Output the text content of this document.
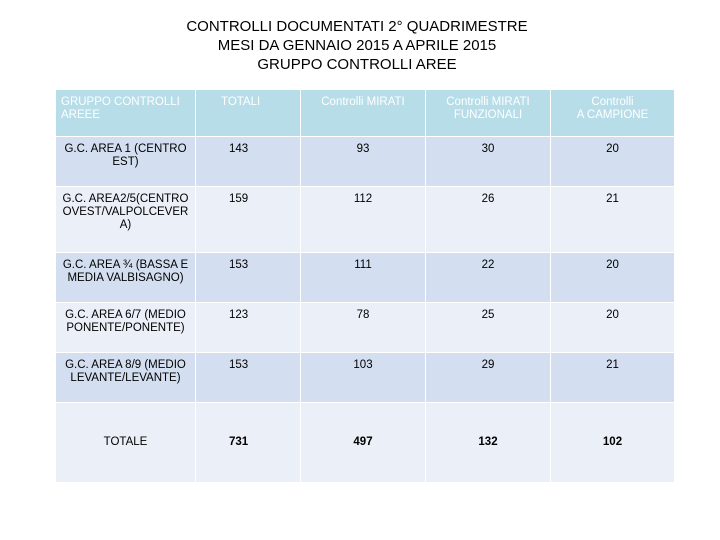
CONTROLLI DOCUMENTATI 2° QUADRIMESTRE
MESI DA GENNAIO 2015 A APRILE 2015
GRUPPO CONTROLLI AREE
GRUPPO CONTROLLI AREEE	TOTALI	Controlli MIRATI	Controlli MIRATI FUNZIONALI	Controlli
A CAMPIONE
G.C. AREA 1 (CENTRO EST)	143	93	30	20
G.C. AREA2/5(CENTRO OVEST/VALPOLCEVERA)	159	112	26	21
G.C. AREA ¾ (BASSA E MEDIA VALBISAGNO)	153	111	22	20
G.C. AREA 6/7 (MEDIO PONENTE/PONENTE)	123	78	25	20
G.C. AREA 8/9 (MEDIO LEVANTE/LEVANTE)	153	103	29	21
TOTALE	731	497	132	102
